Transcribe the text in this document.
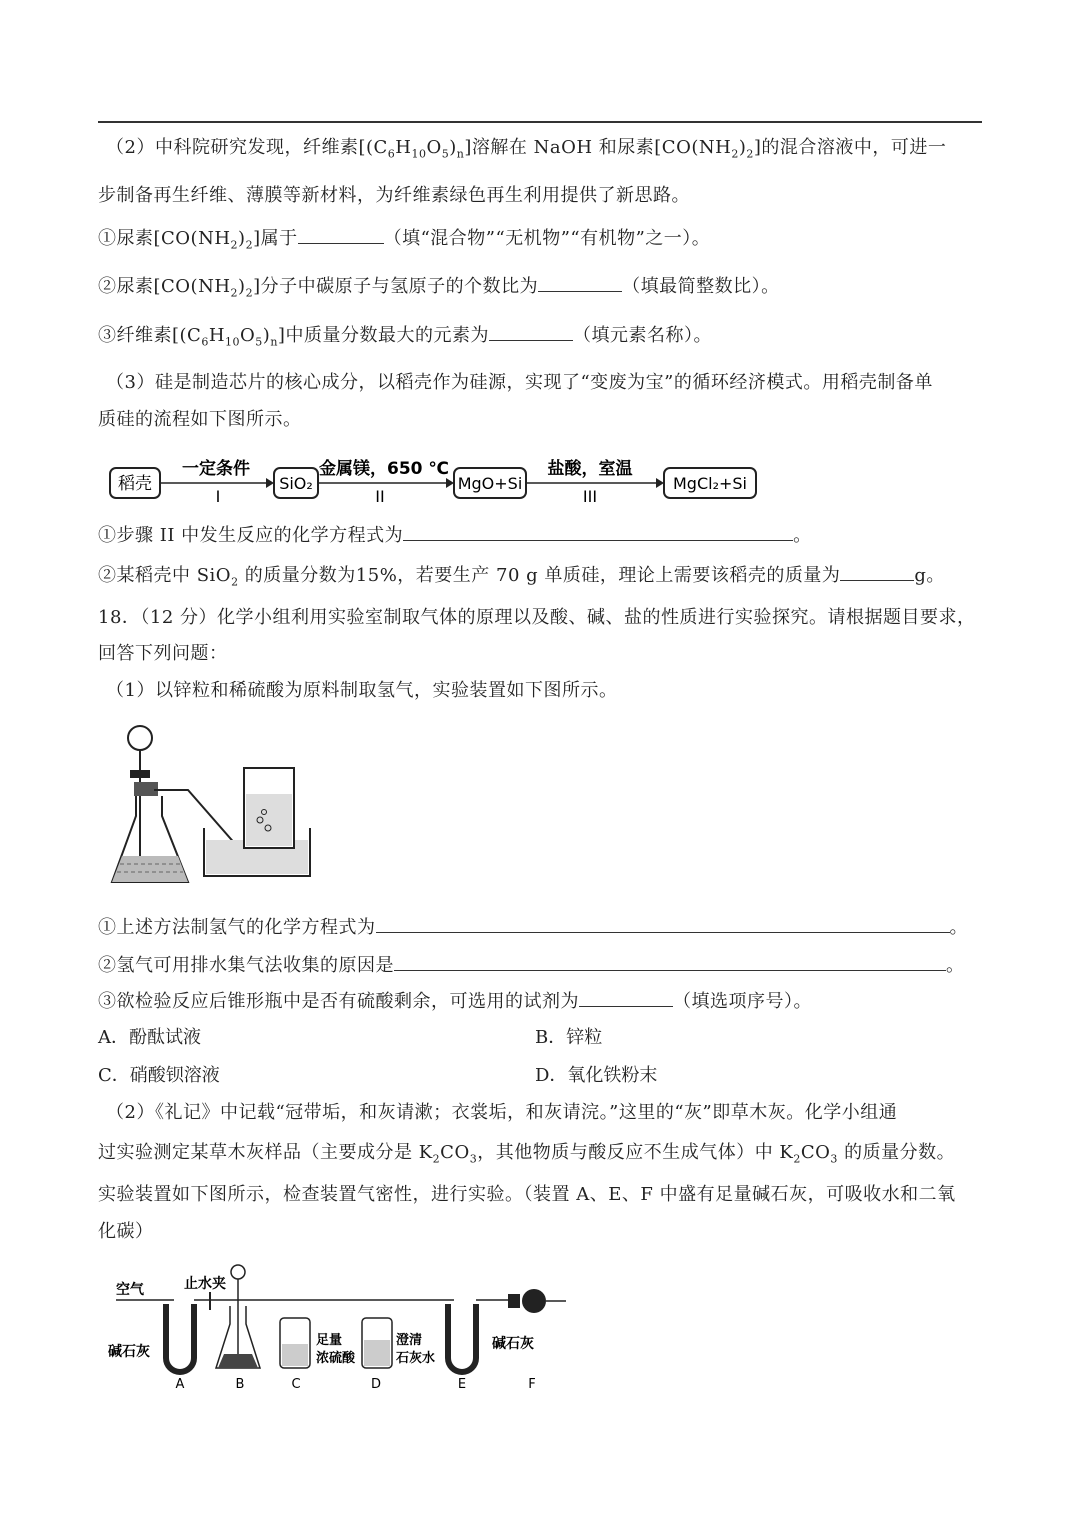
（2）中科院研究发现，纤维素$[(C_6H_{10}O_5)_n]$溶解在 NaOH 和尿素$[CO(NH_2)_2]$的混合溶液中，可进一
步制备再生纤维、薄膜等新材料，为纤维素绿色再生利用提供了新思路。
①尿素$[CO(NH_2)_2]$属于	（填“混合物”“无机物”“有机物”之一）。
②尿素$[CO(NH_2)_2]$分子中碳原子与氢原子的个数比为	（填最简整数比）。
③纤维素$[(C_6H_{10}O_5)_n]$中质量分数最大的元素为	（填元素名称）。
（3）硅是制造芯片的核心成分，以稻壳作为硅源，实现了“变废为宝”的循环经济模式。用稻壳制备单
质硅的流程如下图所示。
稻壳
一定条件
I
SiO₂
金属镁，650 ℃
II
MgO+Si
盐酸，室温
III
MgCl₂+Si
①步骤 II 中发生反应的化学方程式为	。
②某稻壳中 SiO$_2$ 的质量分数为15%，若要生产 70 g 单质硅，理论上需要该稻壳的质量为	g。
18．（12 分）化学小组利用实验室制取气体的原理以及酸、碱、盐的性质进行实验探究。请根据题目要求，
回答下列问题：
（1）以锌粒和稀硫酸为原料制取氢气，实验装置如下图所示。
①上述方法制氢气的化学方程式为	。
②氢气可用排水集气法收集的原因是	。
③欲检验反应后锥形瓶中是否有硫酸剩余，可选用的试剂为	（填选项序号）。
A．酚酞试液	B．锌粒
C．硝酸钡溶液	D．氧化铁粉末
（2）《礼记》中记载“冠带垢，和灰请漱；衣裳垢，和灰请浣。”这里的“灰”即草木灰。化学小组通
过实验测定某草木灰样品（主要成分是 $K_2CO_3$，其他物质与酸反应不生成气体）中 $K_2CO_3$ 的质量分数。
实验装置如下图所示，检查装置气密性，进行实验。（装置 A、E、F 中盛有足量碱石灰，可吸收水和二氧
化碳）
空气	止水夹
碱石灰
足量
浓硫酸
澄清
石灰水
碱石灰
A	B	C	D	E	F
